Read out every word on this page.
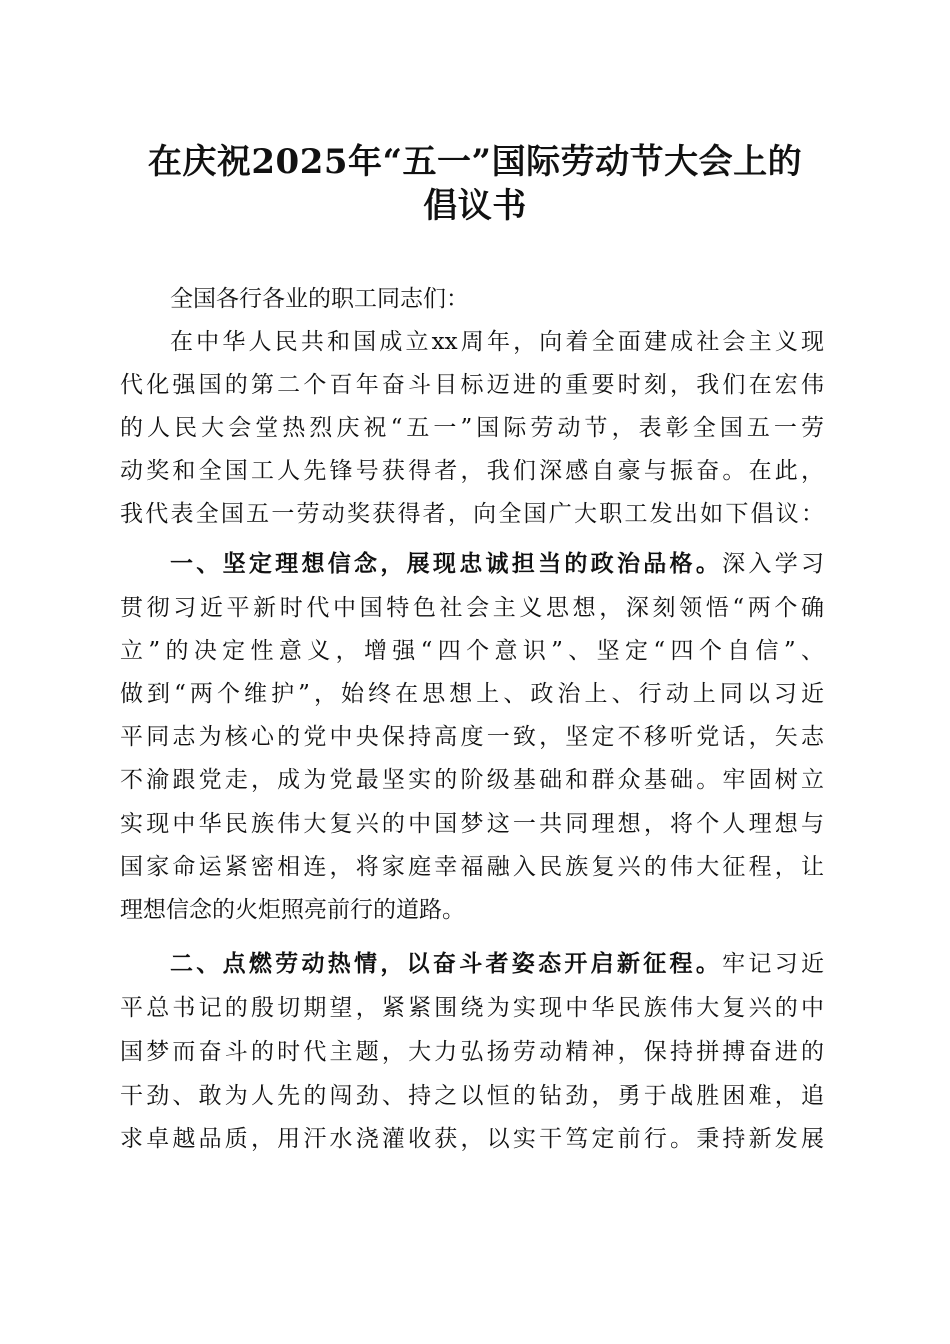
在庆祝2025年“五一”国际劳动节大会上的
倡议书
全国各行各业的职工同志们：
在中华人民共和国成立xx周年，向着全面建成社会主义现
代化强国的第二个百年奋斗目标迈进的重要时刻，我们在宏伟
的人民大会堂热烈庆祝“五一”国际劳动节，表彰全国五一劳
动奖和全国工人先锋号获得者，我们深感自豪与振奋。在此，
我代表全国五一劳动奖获得者，向全国广大职工发出如下倡议：
一、坚定理想信念，展现忠诚担当的政治品格。深入学习
贯彻习近平新时代中国特色社会主义思想，深刻领悟“两个确
立”的决定性意义，增强“四个意识”、坚定“四个自信”、
做到“两个维护”，始终在思想上、政治上、行动上同以习近
平同志为核心的党中央保持高度一致，坚定不移听党话，矢志
不渝跟党走，成为党最坚实的阶级基础和群众基础。牢固树立
实现中华民族伟大复兴的中国梦这一共同理想，将个人理想与
国家命运紧密相连，将家庭幸福融入民族复兴的伟大征程，让
理想信念的火炬照亮前行的道路。
二、点燃劳动热情，以奋斗者姿态开启新征程。牢记习近
平总书记的殷切期望，紧紧围绕为实现中华民族伟大复兴的中
国梦而奋斗的时代主题，大力弘扬劳动精神，保持拼搏奋进的
干劲、敢为人先的闯劲、持之以恒的钻劲，勇于战胜困难，追
求卓越品质，用汗水浇灌收获，以实干笃定前行。秉持新发展
